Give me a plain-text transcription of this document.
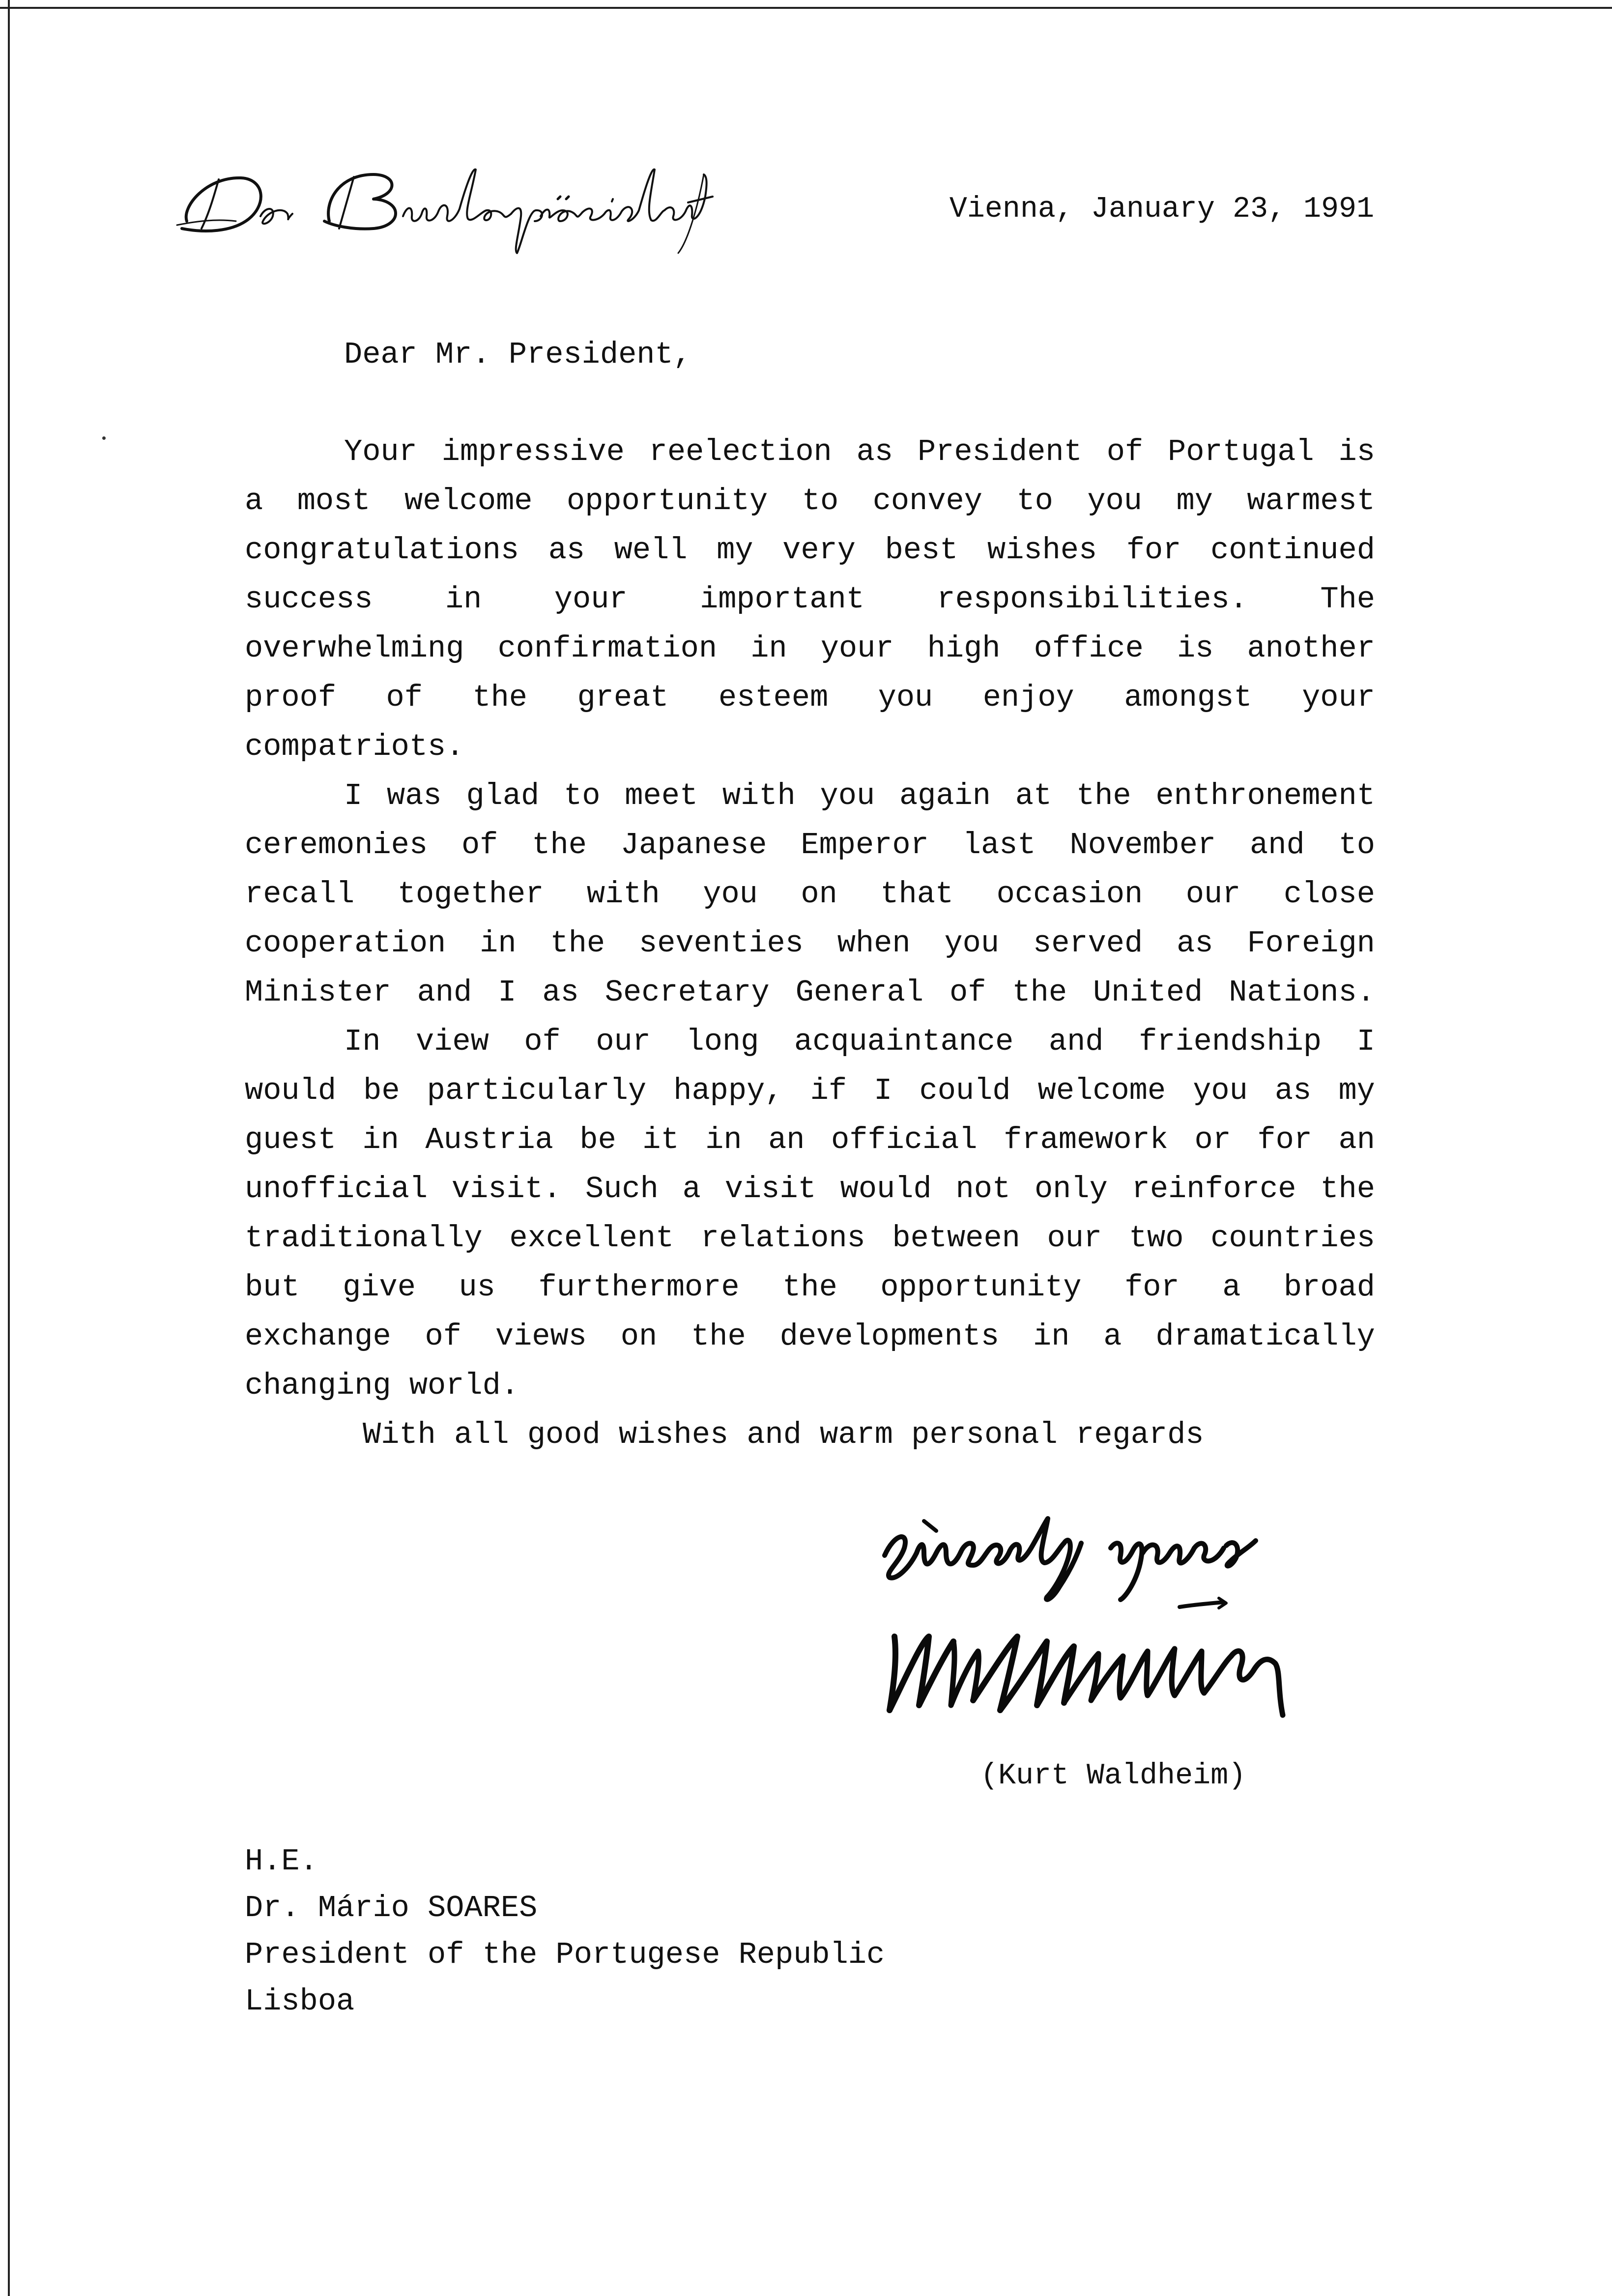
Vienna, January 23, 1991
Dear Mr. President,
Your impressive reelection as President of Portugal is
a most welcome opportunity to convey to you my warmest
congratulations as well my very best wishes for continued
success in your important responsibilities. The
overwhelming confirmation in your high office is another
proof of the great esteem you enjoy amongst your
compatriots.
I was glad to meet with you again at the enthronement
ceremonies of the Japanese Emperor last November and to
recall together with you on that occasion our close
cooperation in the seventies when you served as Foreign
Minister and I as Secretary General of the United Nations.
In view of our long acquaintance and friendship I
would be particularly happy, if I could welcome you as my
guest in Austria be it in an official framework or for an
unofficial visit. Such a visit would not only reinforce the
traditionally excellent relations between our two countries
but give us furthermore the opportunity for a broad
exchange of views on the developments in a dramatically
changing world.
With all good wishes and warm personal regards
(Kurt Waldheim)
H.E.
Dr. Mário SOARES
President of the Portugese Republic
Lisboa
